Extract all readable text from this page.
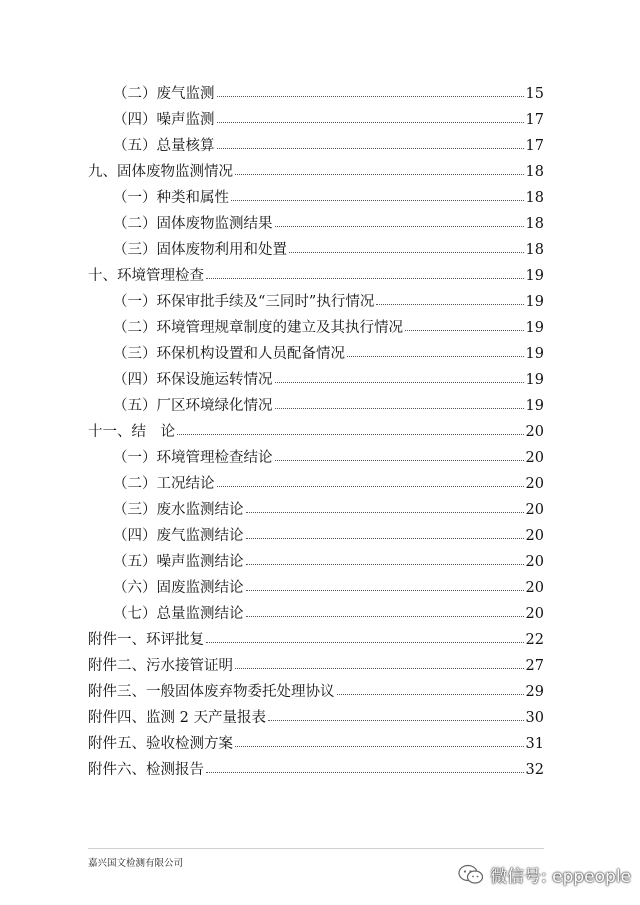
（二）废气监测	15
（四）噪声监测	17
（五）总量核算	17
九、固体废物监测情况	18
（一）种类和属性	18
（二）固体废物监测结果	18
（三）固体废物利用和处置	18
十、环境管理检查	19
（一）环保审批手续及“三同时”执行情况	19
（二）环境管理规章制度的建立及其执行情况	19
（三）环保机构设置和人员配备情况	19
（四）环保设施运转情况	19
（五）厂区环境绿化情况	19
十一、结　论	20
（一）环境管理检查结论	20
（二）工况结论	20
（三）废水监测结论	20
（四）废气监测结论	20
（五）噪声监测结论	20
（六）固废监测结论	20
（七）总量监测结论	20
附件一、环评批复	22
附件二、污水接管证明	27
附件三、一般固体废弃物委托处理协议	29
附件四、监测 2 天产量报表	30
附件五、验收检测方案	31
附件六、检测报告	32
嘉兴国文检测有限公司
微信号: eppeople
